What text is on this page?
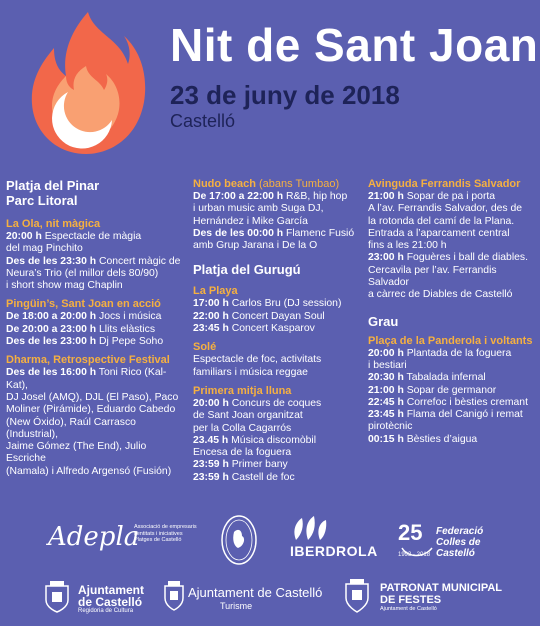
Nit de Sant Joan
23 de juny de 2018
Castelló
Platja del Pinar
Parc Litoral
La Ola, nit màgica
20:00 h Espectacle de màgia
del mag Pinchito
Des de les 23:30 h Concert màgic de
Neura’s Trio (el millor dels 80/90)
i short show mag Chaplin
Pingüin’s, Sant Joan en acció
De 18:00 a 20:00 h Jocs i música
De 20:00 a 23:00 h Llits elàstics
Des de les 23:00 h Dj Pepe Soho
Dharma, Retrospective Festival
Des de les 16:00 h Toni Rico (Kal-Kat),
DJ Josel (AMQ), DJL (El Paso), Paco
Moliner (Pirámide), Eduardo Cabedo
(New Óxido), Raúl Carrasco (Industrial),
Jaime Gómez (The End), Julio Escriche
(Namala) i Alfredo Argensó (Fusión)
Nudo beach (abans Tumbao)
De 17:00 a 22:00 h R&B, hip hop
i urban music amb Suga DJ,
Hernández i Mike García
Des de les 00:00 h Flamenc Fusió
amb Grup Jarana i De la O
Platja del Gurugú
La Playa
17:00 h Carlos Bru (DJ session)
22:00 h Concert Dayan Soul
23:45 h Concert Kasparov
Solé
Espectacle de foc, activitats
familiars i música reggae
Primera mitja lluna
20:00 h Concurs de coques
de Sant Joan organitzat
per la Colla Cagarrós
23.45 h Música discomòbil
Encesa de la foguera
23:59 h Primer bany
23:59 h Castell de foc
Avinguda Ferrandis Salvador
21:00 h Sopar de pa i porta
A l’av. Ferrandis Salvador, des de
la rotonda del camí de la Plana.
Entrada a l’aparcament central
fins a les 21:00 h
23:00 h Foguères i ball de diables.
Cercavila per l’av. Ferrandis Salvador
a càrrec de Diables de Castelló
Grau
Plaça de la Panderola i voltants
20:00 h Plantada de la foguera
i bestiari
20:30 h Tabalada infernal
21:00 h Sopar de germanor
22:45 h Correfoc i bèsties cremant
23:45 h Flama del Canigó i remat
pirotècnic
00:15 h Bèsties d’aigua
Adepla
Associació de empresaris
i entitats i iniciatives
Platges de Castelló
IBERDROLA
25 Federació
Colles de
Castelló
1993 · 2018
Ajuntament
de Castelló
Regidoria de Cultura
Ajuntament de Castelló
Turisme
PATRONAT MUNICIPAL
DE FESTES
Ajuntament de Castelló
